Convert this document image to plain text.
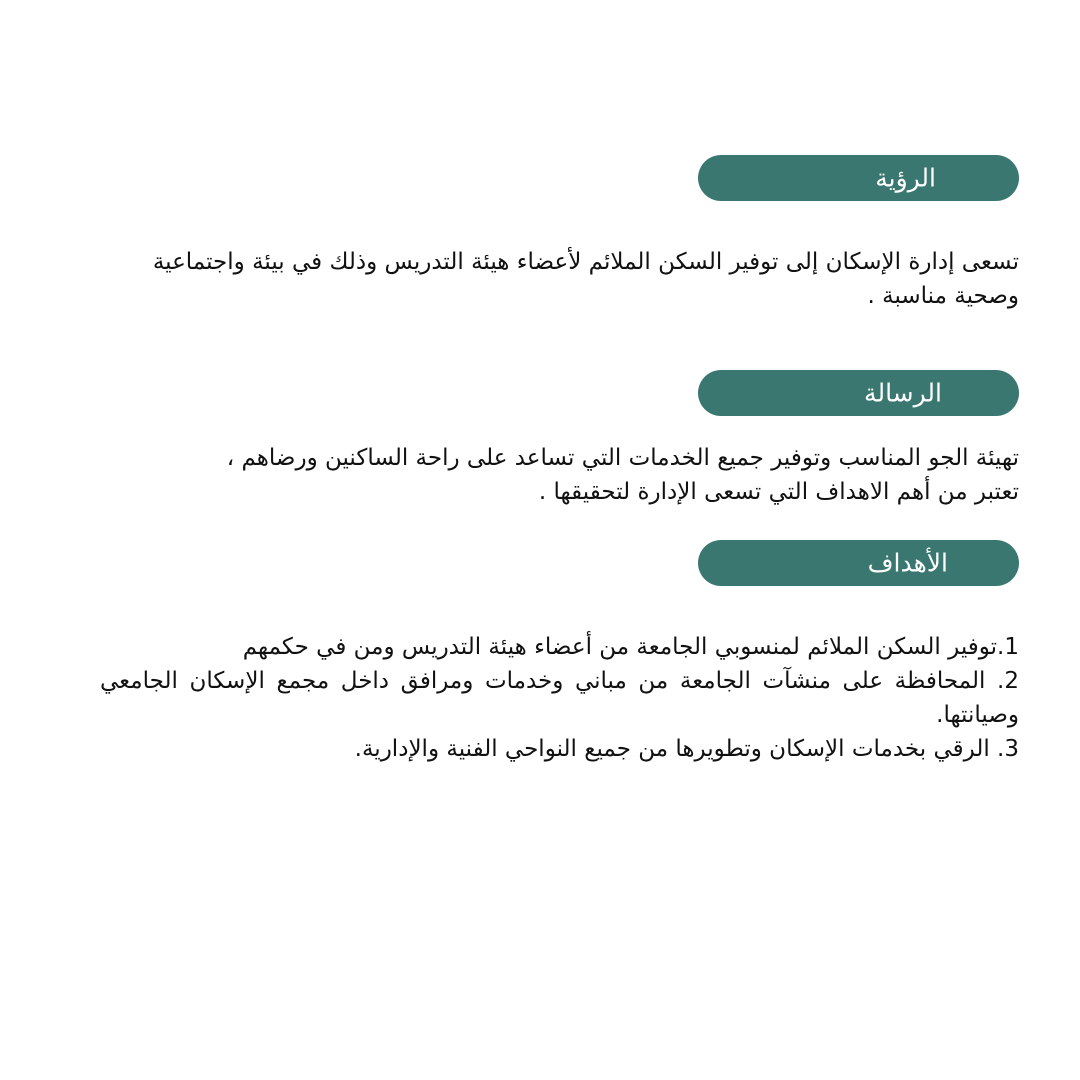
الرؤية
تسعى إدارة الإسكان إلى توفير السكن الملائم لأعضاء هيئة التدريس وذلك في بيئة واجتماعية
وصحية مناسبة .
الرسالة
تهيئة الجو المناسب وتوفير جميع الخدمات التي تساعد على راحة الساكنين ورضاهم ،
تعتبر من أهم الاهداف التي تسعى الإدارة لتحقيقها .
الأهداف
1.توفير السكن الملائم لمنسوبي الجامعة من أعضاء هيئة التدريس ومن في حكمهم
2. المحافظة على منشآت الجامعة من مباني وخدمات ومرافق داخل مجمع الإسكان الجامعي وصيانتها.
3. الرقي بخدمات الإسكان وتطويرها من جميع النواحي الفنية والإدارية.
